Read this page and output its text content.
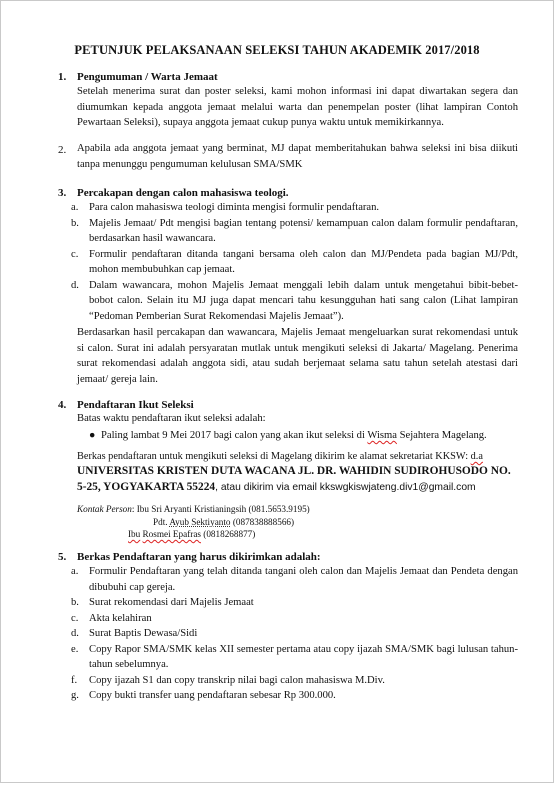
PETUNJUK PELAKSANAAN SELEKSI TAHUN AKADEMIK 2017/2018
1. Pengumuman / Warta Jemaat
Setelah menerima surat dan poster seleksi, kami mohon informasi ini dapat diwartakan segera dan diumumkan kepada anggota jemaat melalui warta dan penempelan poster (lihat lampiran Contoh Pewartaan Seleksi), supaya anggota jemaat cukup punya waktu untuk memikirkannya.
2. Apabila ada anggota jemaat yang berminat, MJ dapat memberitahukan bahwa seleksi ini bisa diikuti tanpa menunggu pengumuman kelulusan SMA/SMK
3. Percakapan dengan calon mahasiswa teologi.
a. Para calon mahasiswa teologi diminta mengisi formulir pendaftaran.
b. Majelis Jemaat/ Pdt mengisi bagian tentang potensi/ kemampuan calon dalam formulir pendaftaran, berdasarkan hasil wawancara.
c. Formulir pendaftaran ditanda tangani bersama oleh calon dan MJ/Pendeta pada bagian MJ/Pdt, mohon membubuhkan cap jemaat.
d. Dalam wawancara, mohon Majelis Jemaat menggali lebih dalam untuk mengetahui bibit-bebet-bobot calon. Selain itu MJ juga dapat mencari tahu kesungguhan hati sang calon (Lihat lampiran “Pedoman Pemberian Surat Rekomendasi Majelis Jemaat”).
Berdasarkan hasil percakapan dan wawancara, Majelis Jemaat mengeluarkan surat rekomendasi untuk si calon. Surat ini adalah persyaratan mutlak untuk mengikuti seleksi di Jakarta/ Magelang. Penerima surat rekomendasi adalah anggota sidi, atau sudah berjemaat selama satu tahun setelah atestasi dari jemaat/ gereja lain.
4. Pendaftaran Ikut Seleksi
Batas waktu pendaftaran ikut seleksi adalah:
● Paling lambat 9 Mei 2017 bagi calon yang akan ikut seleksi di Wisma Sejahtera Magelang.
Berkas pendaftaran untuk mengikuti seleksi di Magelang dikirim ke alamat sekretariat KKSW: d.a
UNIVERSITAS KRISTEN DUTA WACANA JL. DR. WAHIDIN SUDIROHUSODO NO.
5-25, YOGYAKARTA 55224, atau dikirim via email kkswgkiswjateng.div1@gmail.com
Kontak Person: Ibu Sri Aryanti Kristianingsih (081.5653.9195)
Pdt. Ayub Sektiyanto (087838888566)
Ibu Rosmei Epafras (0818268877)
5. Berkas Pendaftaran yang harus dikirimkan adalah:
a. Formulir Pendaftaran yang telah ditanda tangani oleh calon dan Majelis Jemaat dan Pendeta dengan dibubuhi cap gereja.
b. Surat rekomendasi dari Majelis Jemaat
c. Akta kelahiran
d. Surat Baptis Dewasa/Sidi
e. Copy Rapor SMA/SMK kelas XII semester pertama atau copy ijazah SMA/SMK bagi lulusan tahun-tahun sebelumnya.
f. Copy ijazah S1 dan copy transkrip nilai bagi calon mahasiswa M.Div.
g. Copy bukti transfer uang pendaftaran sebesar Rp 300.000.
